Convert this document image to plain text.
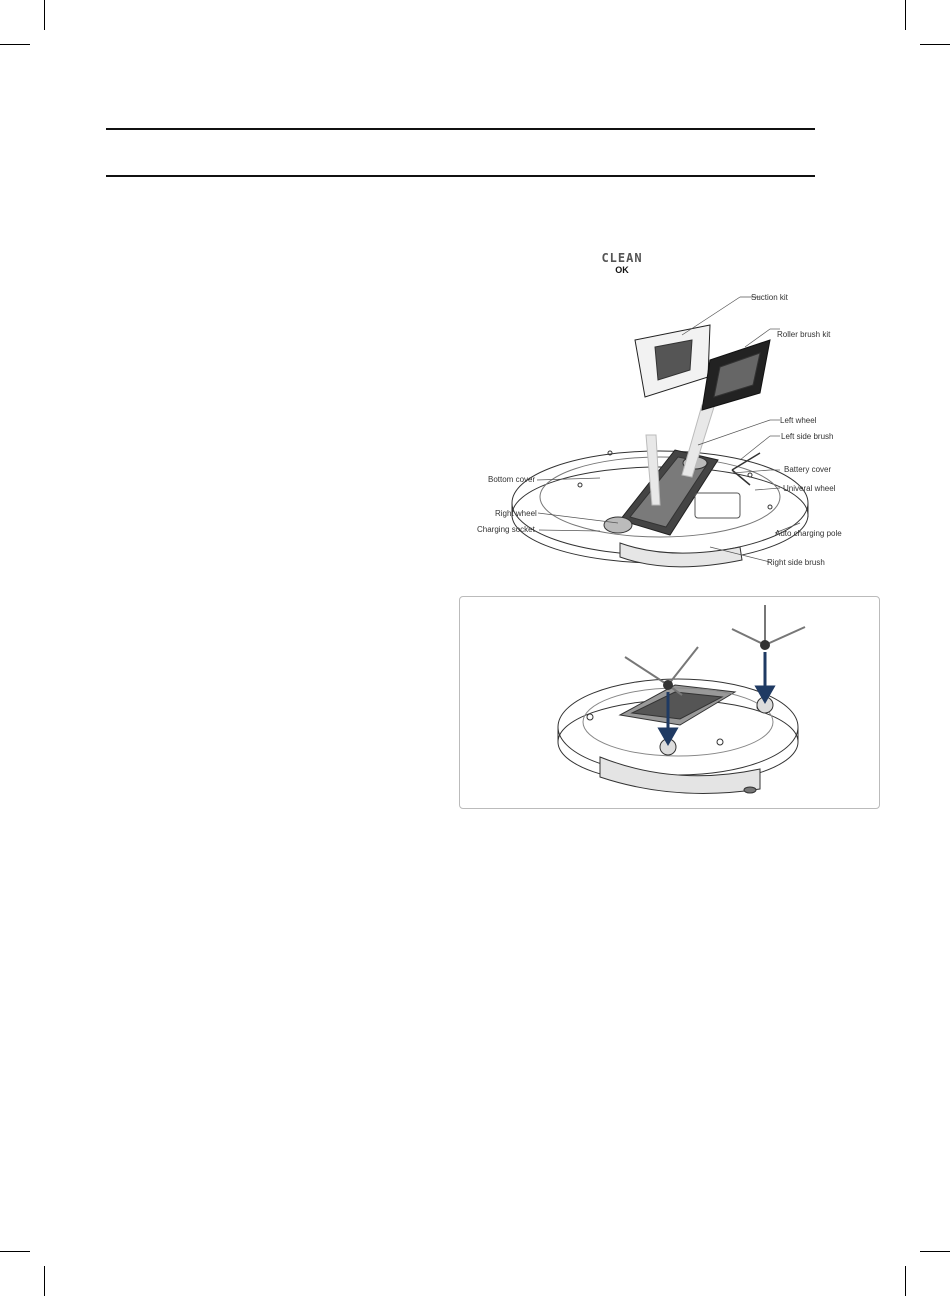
CLEAN
OK
Suction kit
Roller brush kit
Left wheel
Left side brush
Battery cover
Univeral wheel
Auto charging pole
Right side brush
Bottom cover
Right wheel
Charging socket
